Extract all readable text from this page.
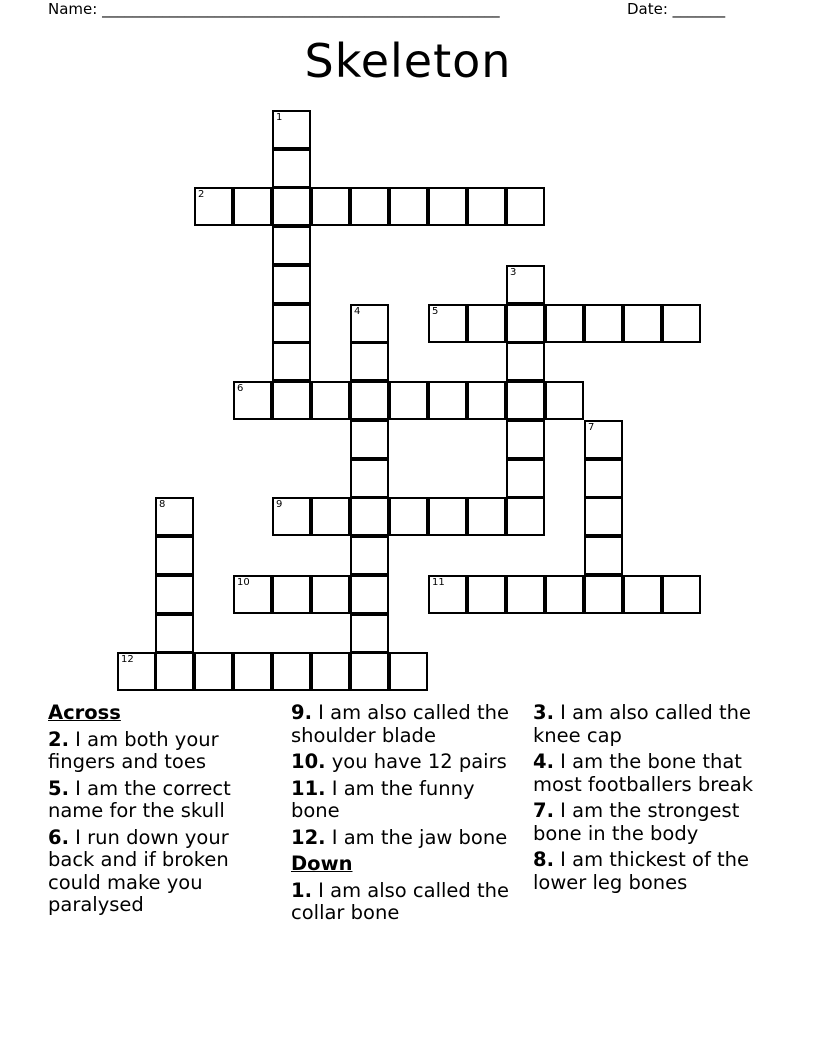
Name: _____________________________________________________	Date: _______
Skeleton
1
2
3
4	5
6
7
8	9
10	11
12
Across
2. I am both your fingers and toes
5. I am the correct name for the skull
6. I run down your back and if broken could make you paralysed
9. I am also called the shoulder blade
10. you have 12 pairs
11. I am the funny bone
12. I am the jaw bone
Down
1. I am also called the collar bone
3. I am also called the knee cap
4. I am the bone that most footballers break
7. I am the strongest bone in the body
8. I am thickest of the lower leg bones
